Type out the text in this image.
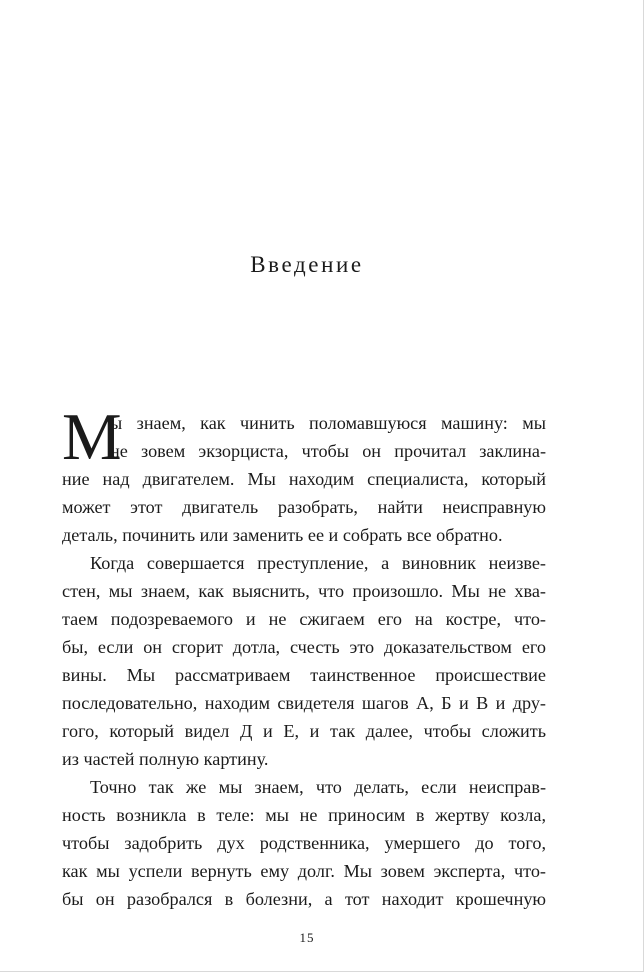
Введение
М
ы знаем, как чинить поломавшуюся машину: мы
не зовем экзорциста, чтобы он прочитал заклина-
ние над двигателем. Мы находим специалиста, который
может этот двигатель разобрать, найти неисправную
деталь, починить или заменить ее и собрать все обратно.
Когда совершается преступление, а виновник неизве-
стен, мы знаем, как выяснить, что произошло. Мы не хва-
таем подозреваемого и не сжигаем его на костре, что-
бы, если он сгорит дотла, счесть это доказательством его
вины. Мы рассматриваем таинственное происшествие
последовательно, находим свидетеля шагов А, Б и В и дру-
гого, который видел Д и Е, и так далее, чтобы сложить
из частей полную картину.
Точно так же мы знаем, что делать, если неисправ-
ность возникла в теле: мы не приносим в жертву козла,
чтобы задобрить дух родственника, умершего до того,
как мы успели вернуть ему долг. Мы зовем эксперта, что-
бы он разобрался в болезни, а тот находит крошечную
15
